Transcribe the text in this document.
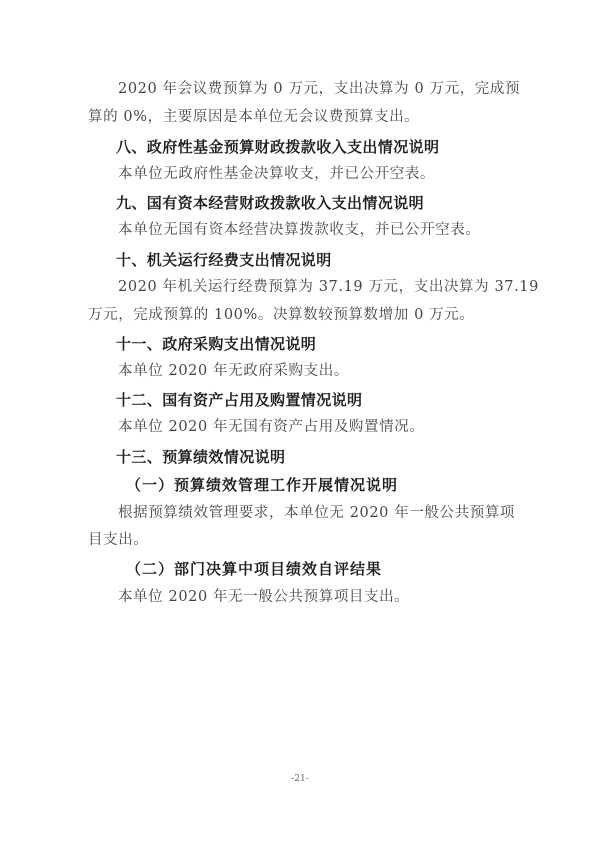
2020 年会议费预算为 0 万元，支出决算为 0 万元，完成预
算的 0%，主要原因是本单位无会议费预算支出。
八、政府性基金预算财政拨款收入支出情况说明
本单位无政府性基金决算收支，并已公开空表。
九、国有资本经营财政拨款收入支出情况说明
本单位无国有资本经营决算拨款收支，并已公开空表。
十、机关运行经费支出情况说明
2020 年机关运行经费预算为 37.19 万元，支出决算为 37.19
万元，完成预算的 100%。决算数较预算数增加 0 万元。
十一、政府采购支出情况说明
本单位 2020 年无政府采购支出。
十二、国有资产占用及购置情况说明
本单位 2020 年无国有资产占用及购置情况。
十三、预算绩效情况说明
（一）预算绩效管理工作开展情况说明
根据预算绩效管理要求，本单位无 2020 年一般公共预算项
目支出。
（二）部门决算中项目绩效自评结果
本单位 2020 年无一般公共预算项目支出。
-21-
